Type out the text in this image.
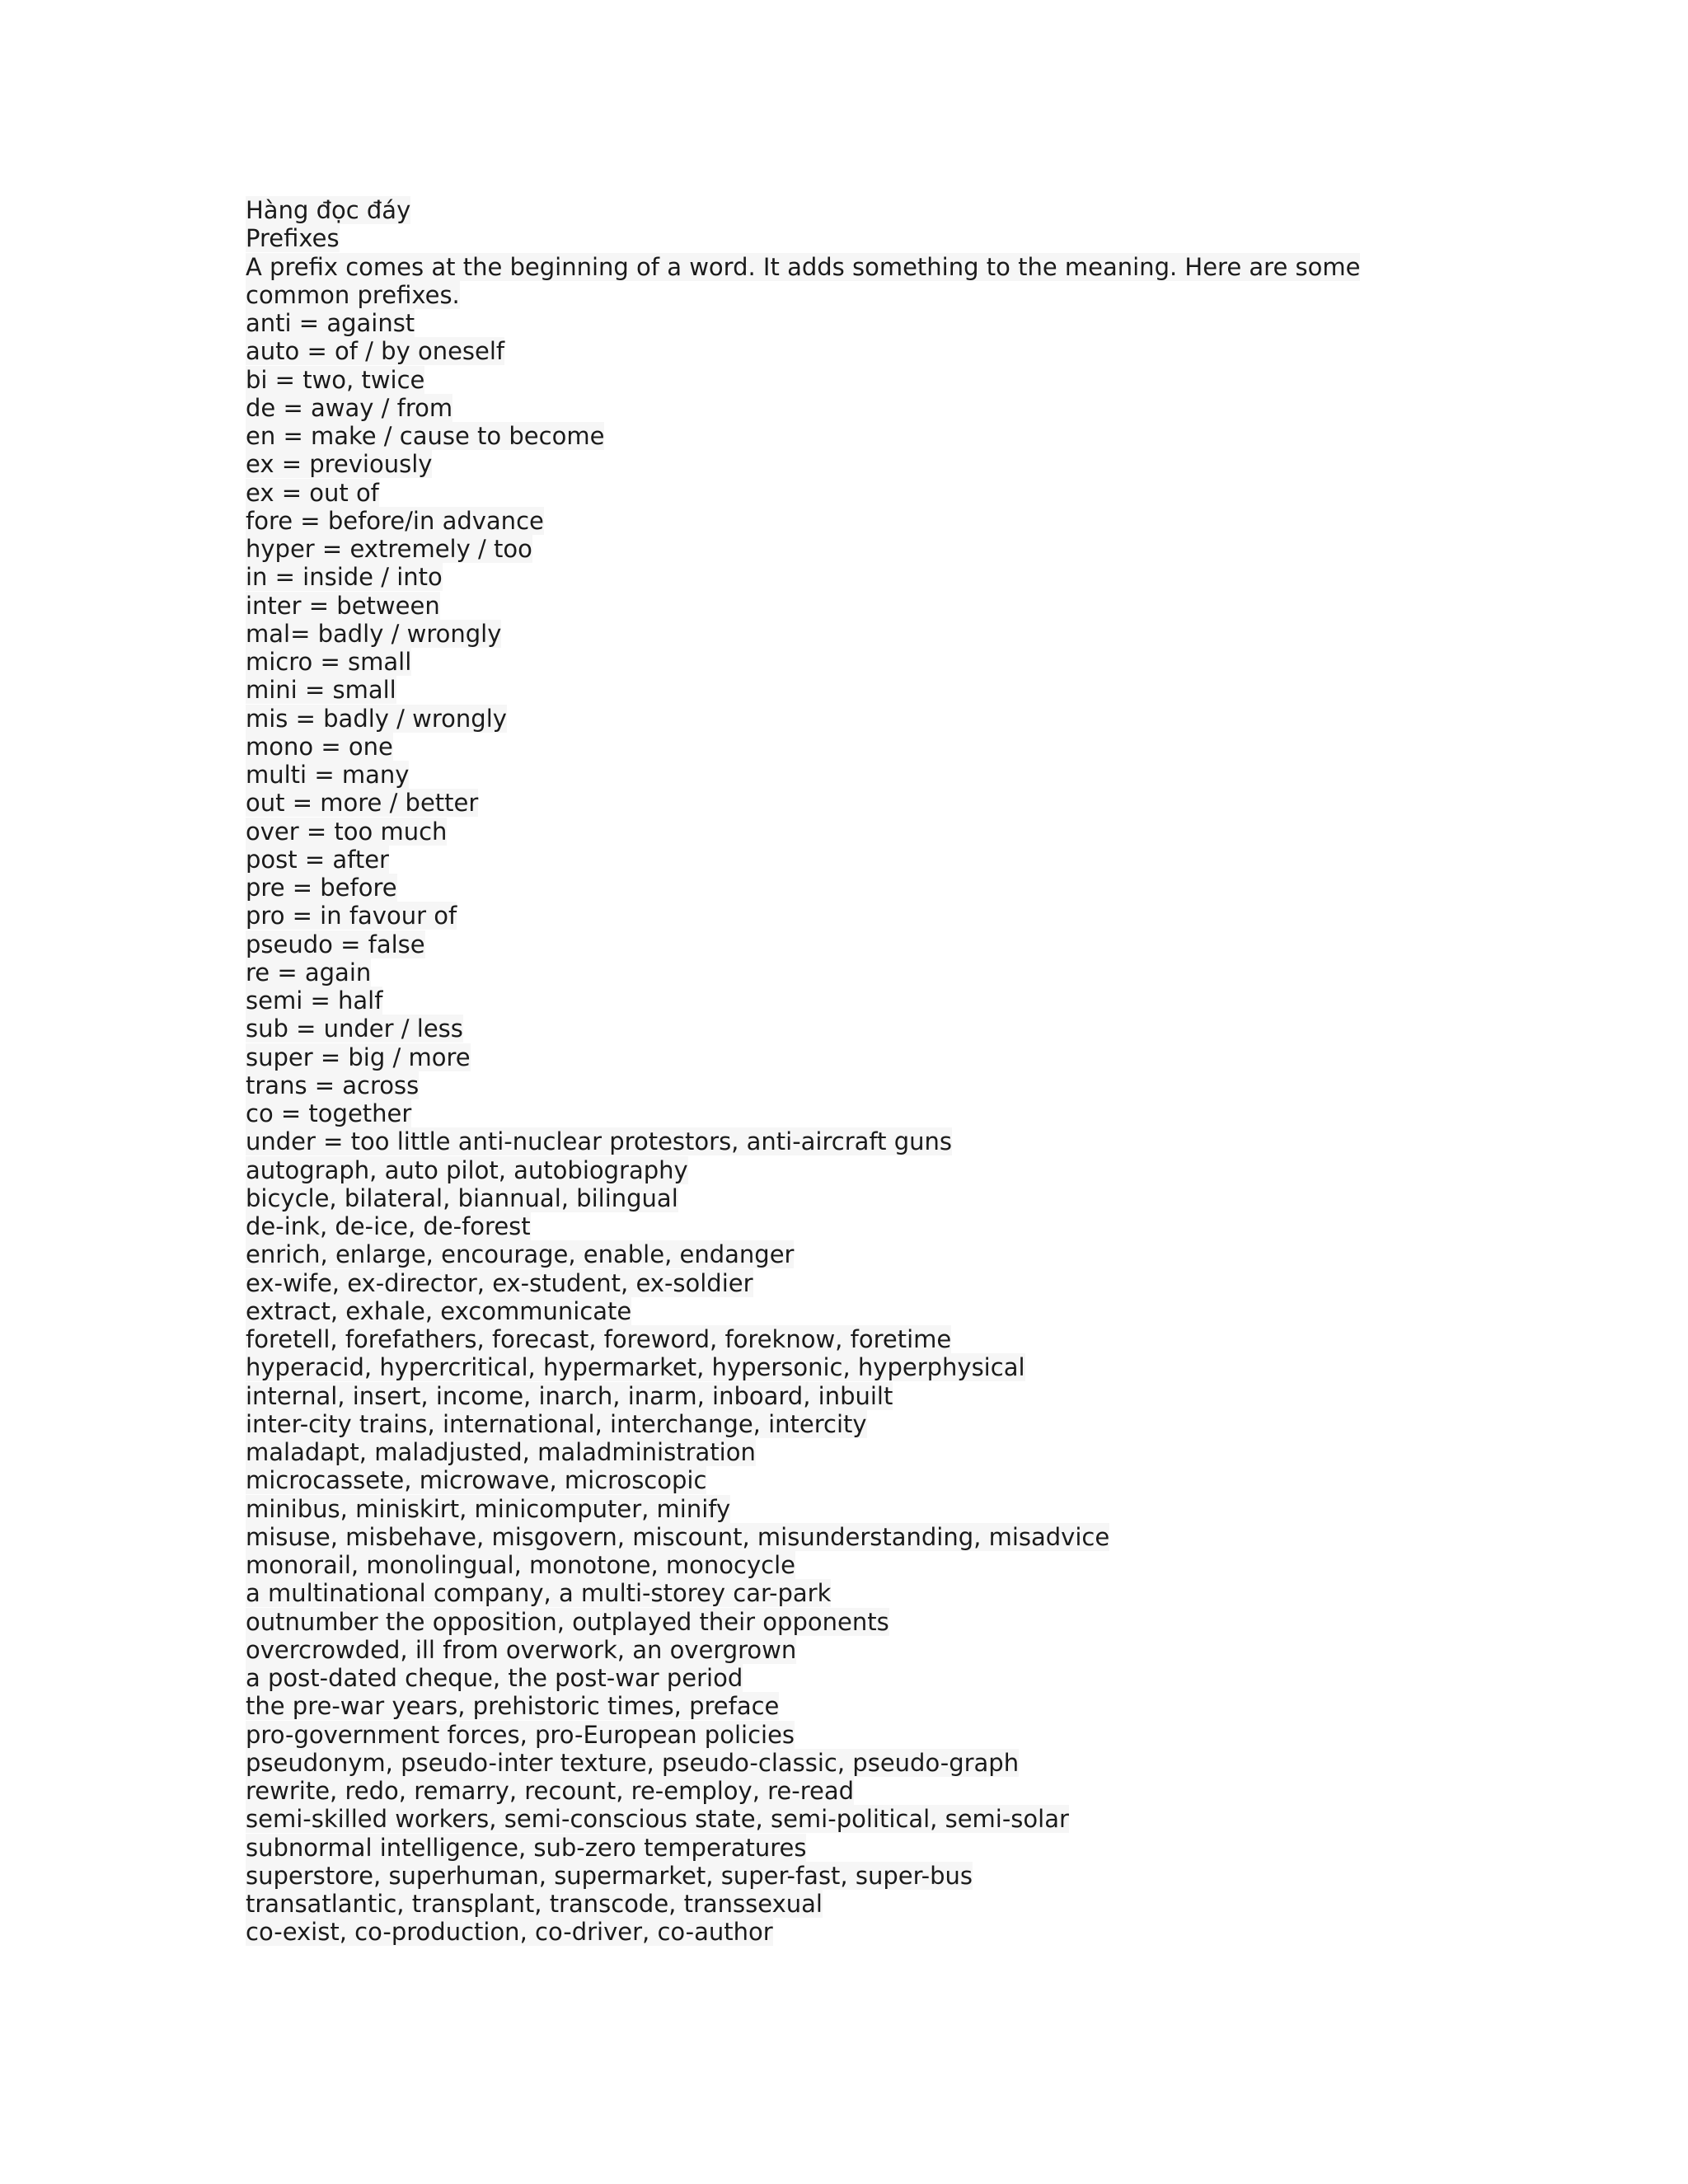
Hàng đọc đáy
Prefixes
A prefix comes at the beginning of a word. It adds something to the meaning. Here are some
common prefixes.
anti = against
auto = of / by oneself
bi = two, twice
de = away / from
en = make / cause to become
ex = previously
ex = out of
fore = before/in advance
hyper = extremely / too
in = inside / into
inter = between
mal= badly / wrongly
micro = small
mini = small
mis = badly / wrongly
mono = one
multi = many
out = more / better
over = too much
post = after
pre = before
pro = in favour of
pseudo = false
re = again
semi = half
sub = under / less
super = big / more
trans = across
co = together
under = too little anti-nuclear protestors, anti-aircraft guns
autograph, auto pilot, autobiography
bicycle, bilateral, biannual, bilingual
de-ink, de-ice, de-forest
enrich, enlarge, encourage, enable, endanger
ex-wife, ex-director, ex-student, ex-soldier
extract, exhale, excommunicate
foretell, forefathers, forecast, foreword, foreknow, foretime
hyperacid, hypercritical, hypermarket, hypersonic, hyperphysical
internal, insert, income, inarch, inarm, inboard, inbuilt
inter-city trains, international, interchange, intercity
maladapt, maladjusted, maladministration
microcassete, microwave, microscopic
minibus, miniskirt, minicomputer, minify
misuse, misbehave, misgovern, miscount, misunderstanding, misadvice
monorail, monolingual, monotone, monocycle
a multinational company, a multi-storey car-park
outnumber the opposition, outplayed their opponents
overcrowded, ill from overwork, an overgrown
a post-dated cheque, the post-war period
the pre-war years, prehistoric times, preface
pro-government forces, pro-European policies
pseudonym, pseudo-inter texture, pseudo-classic, pseudo-graph
rewrite, redo, remarry, recount, re-employ, re-read
semi-skilled workers, semi-conscious state, semi-political, semi-solar
subnormal intelligence, sub-zero temperatures
superstore, superhuman, supermarket, super-fast, super-bus
transatlantic, transplant, transcode, transsexual
co-exist, co-production, co-driver, co-author
